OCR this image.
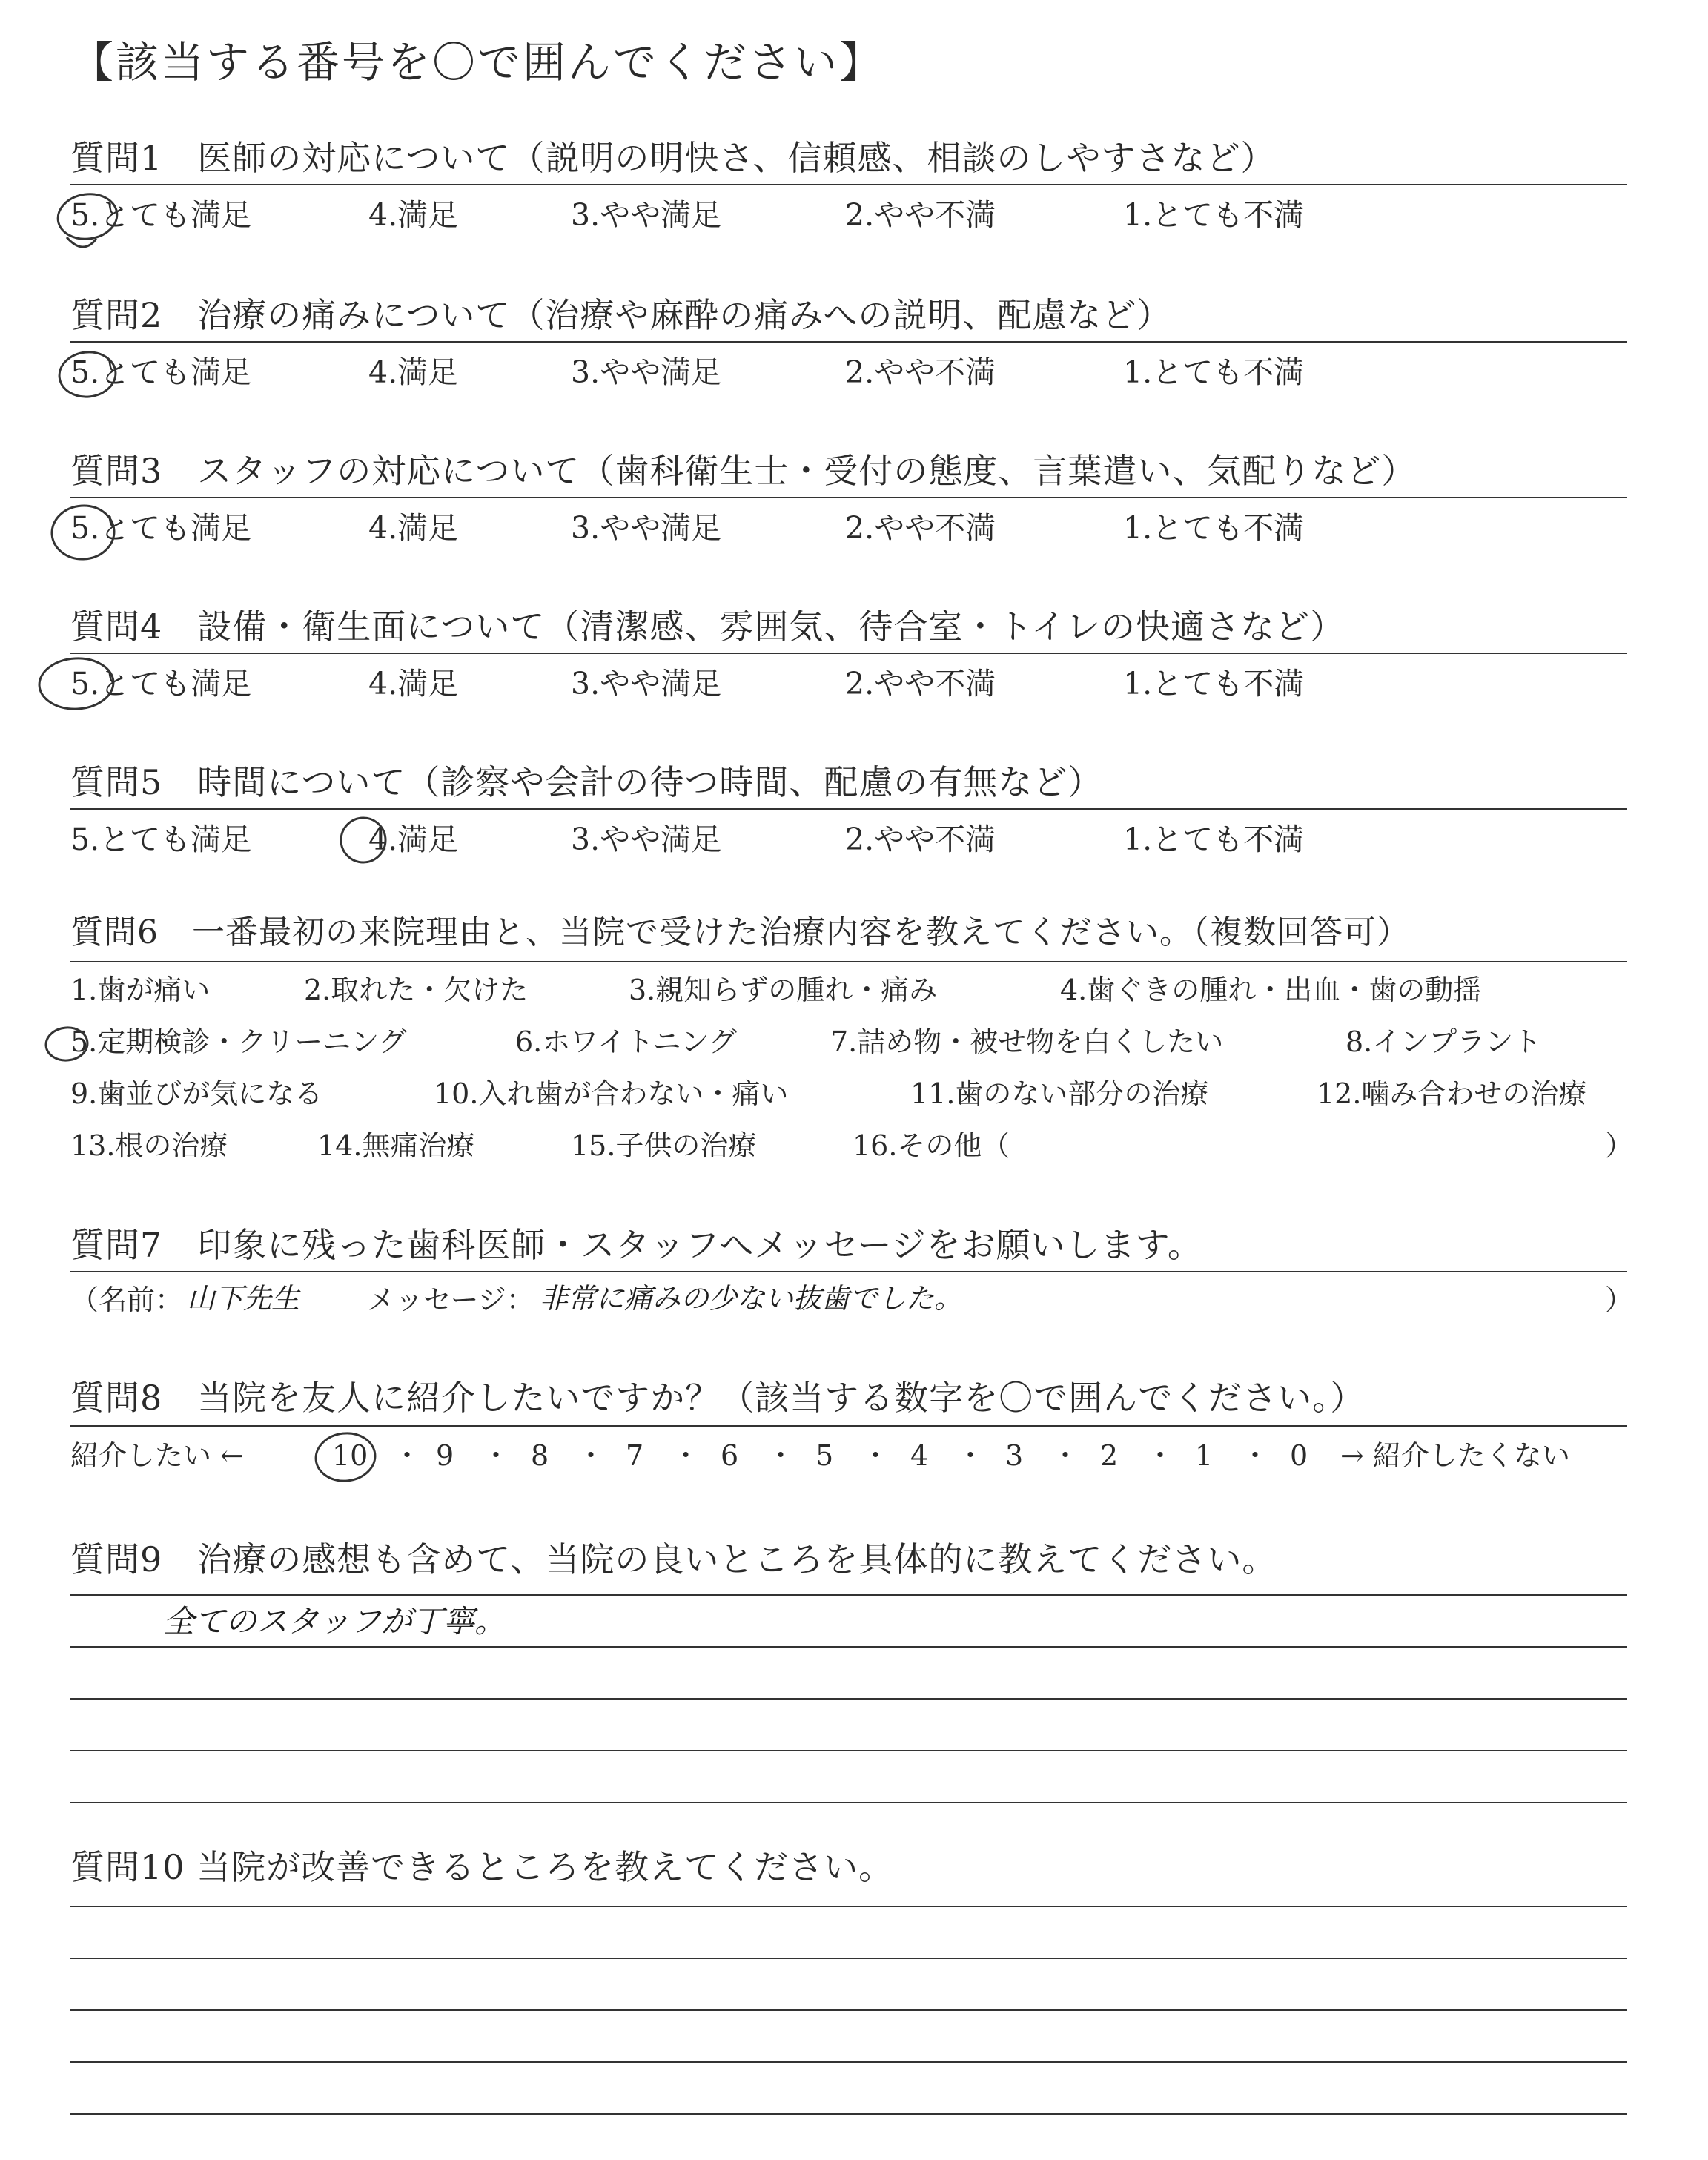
【該当する番号を〇で囲んでください】
質問1　医師の対応について（説明の明快さ、信頼感、相談のしやすさなど）
5.とても満足	4.満足	3.やや満足	2.やや不満	1.とても不満
質問2　治療の痛みについて（治療や麻酔の痛みへの説明、配慮など）
5.とても満足	4.満足	3.やや満足	2.やや不満	1.とても不満
質問3　スタッフの対応について（歯科衛生士・受付の態度、言葉遣い、気配りなど）
5.とても満足	4.満足	3.やや満足	2.やや不満	1.とても不満
質問4　設備・衛生面について（清潔感、雰囲気、待合室・トイレの快適さなど）
5.とても満足	4.満足	3.やや満足	2.やや不満	1.とても不満
質問5　時間について（診察や会計の待つ時間、配慮の有無など）
5.とても満足	4.満足	3.やや満足	2.やや不満	1.とても不満
質問6　一番最初の来院理由と、当院で受けた治療内容を教えてください。（複数回答可）
1.歯が痛い	2.取れた・欠けた	3.親知らずの腫れ・痛み	4.歯ぐきの腫れ・出血・歯の動揺
5.定期検診・クリーニング	6.ホワイトニング	7.詰め物・被せ物を白くしたい	8.インプラント
9.歯並びが気になる	10.入れ歯が合わない・痛い	11.歯のない部分の治療	12.噛み合わせの治療
13.根の治療	14.無痛治療	15.子供の治療	16.その他（	）
質問7　印象に残った歯科医師・スタッフへメッセージをお願いします。
（名前： 山下先生 メッセージ： 非常に痛みの少ない抜歯でした。	）
質問8　当院を友人に紹介したいですか？（該当する数字を〇で囲んでください。）
紹介したい ←	10 ・ 9 ・ 8 ・ 7 ・ 6 ・ 5 ・ 4 ・ 3 ・ 2 ・ 1 ・ 0 → 紹介したくない
質問9　治療の感想も含めて、当院の良いところを具体的に教えてください。
全てのスタッフが丁寧。
質問10 当院が改善できるところを教えてください。
